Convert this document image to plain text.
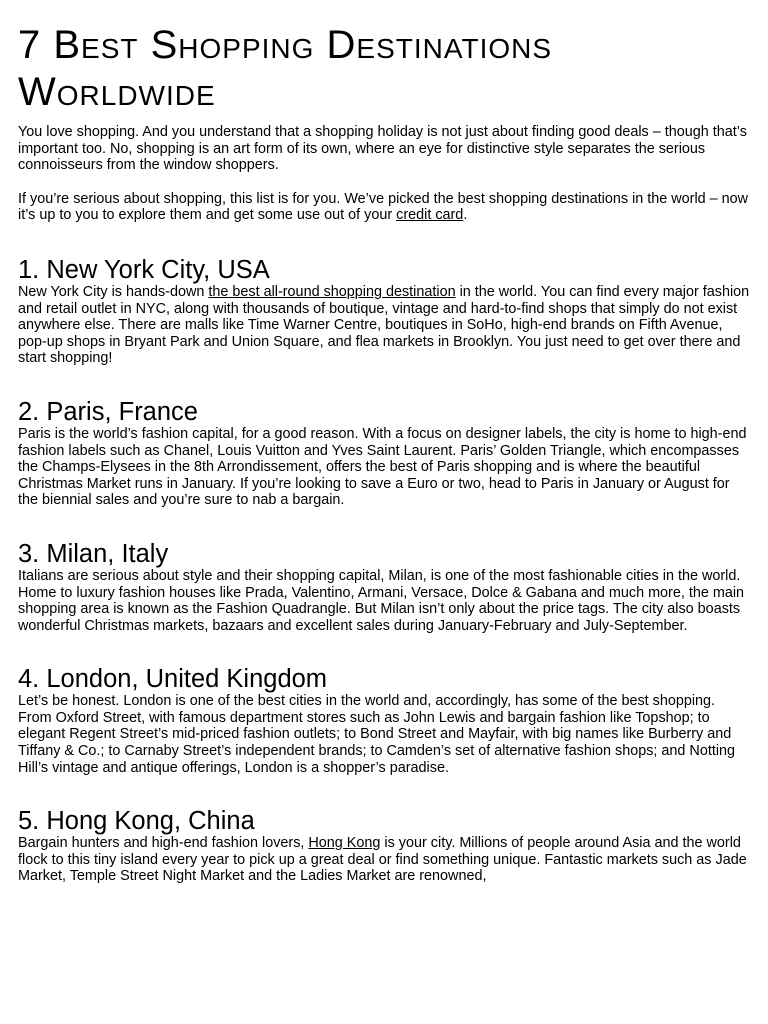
7 Best Shopping Destinations
Worldwide

You love shopping. And you understand that a shopping holiday is not just about finding good deals – though that’s important too. No, shopping is an art form of its own, where an eye for distinctive style separates the serious connoisseurs from the window shoppers.

If you’re serious about shopping, this list is for you. We’ve picked the best shopping destinations in the world – now it’s up to you to explore them and get some use out of your credit card.

1. New York City, USA

New York City is hands-down the best all-round shopping destination in the world. You can find every major fashion and retail outlet in NYC, along with thousands of boutique, vintage and hard-to-find shops that simply do not exist anywhere else. There are malls like Time Warner Centre, boutiques in SoHo, high-end brands on Fifth Avenue, pop-up shops in Bryant Park and Union Square, and flea markets in Brooklyn. You just need to get over there and start shopping!

2. Paris, France

Paris is the world’s fashion capital, for a good reason. With a focus on designer labels, the city is home to high-end fashion labels such as Chanel, Louis Vuitton and Yves Saint Laurent. Paris’ Golden Triangle, which encompasses the Champs-Elysees in the 8th Arrondissement, offers the best of Paris shopping and is where the beautiful Christmas Market runs in January. If you’re looking to save a Euro or two, head to Paris in January or August for the biennial sales and you’re sure to nab a bargain.

3. Milan, Italy

Italians are serious about style and their shopping capital, Milan, is one of the most fashionable cities in the world. Home to luxury fashion houses like Prada, Valentino, Armani, Versace, Dolce & Gabana and much more, the main shopping area is known as the Fashion Quadrangle. But Milan isn’t only about the price tags. The city also boasts wonderful Christmas markets, bazaars and excellent sales during January-February and July-September.

4. London, United Kingdom

Let’s be honest. London is one of the best cities in the world and, accordingly, has some of the best shopping. From Oxford Street, with famous department stores such as John Lewis and bargain fashion like Topshop; to elegant Regent Street’s mid-priced fashion outlets; to Bond Street and Mayfair, with big names like Burberry and Tiffany & Co.; to Carnaby Street’s independent brands; to Camden’s set of alternative fashion shops; and Notting Hill’s vintage and antique offerings, London is a shopper’s paradise.

5. Hong Kong, China

Bargain hunters and high-end fashion lovers, Hong Kong is your city. Millions of people around Asia and the world flock to this tiny island every year to pick up a great deal or find something unique. Fantastic markets such as Jade Market, Temple Street Night Market and the Ladies Market are renowned,
